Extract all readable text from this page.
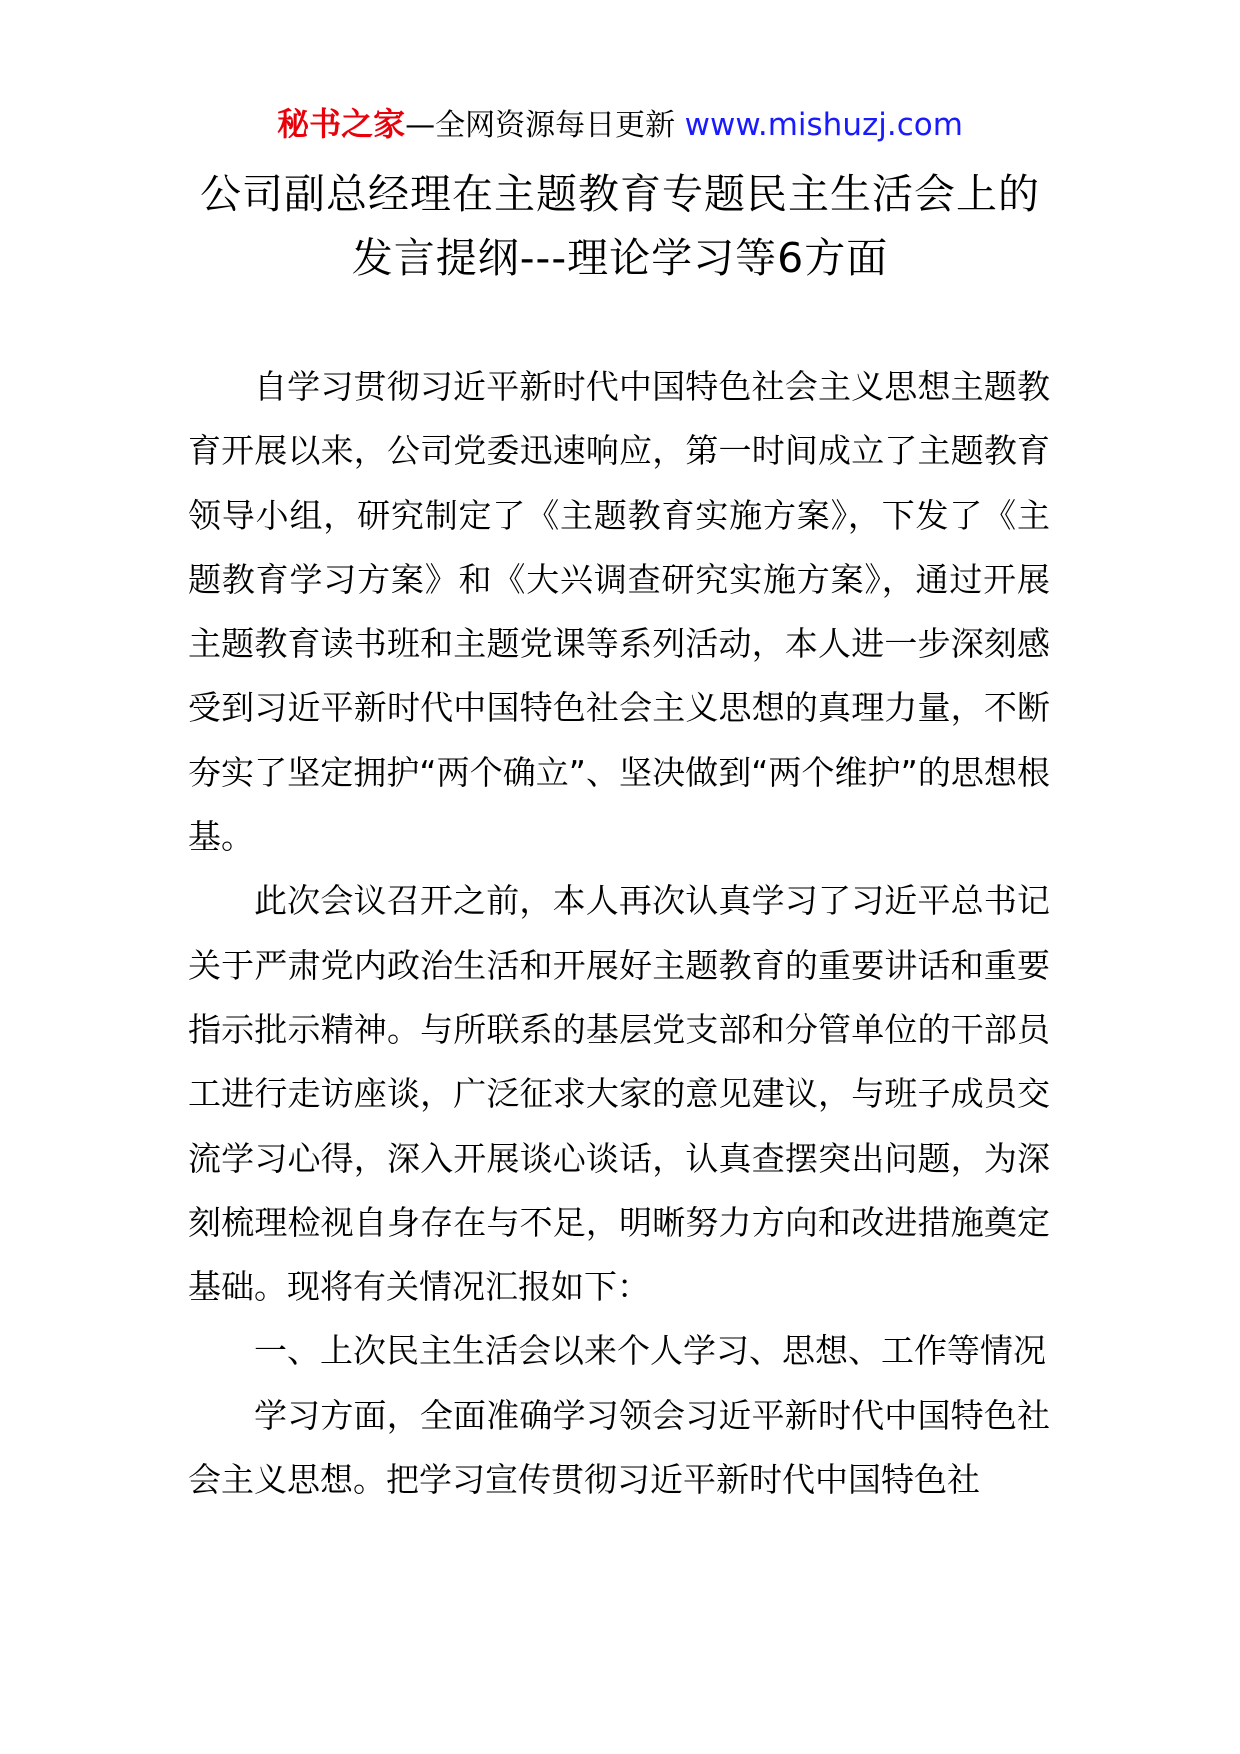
秘书之家—全网资源每日更新 www.mishuzj.com
公司副总经理在主题教育专题民主生活会上的
发言提纲---理论学习等6方面

自学习贯彻习近平新时代中国特色社会主义思想主题教育开展以来，公司党委迅速响应，第一时间成立了主题教育领导小组，研究制定了《主题教育实施方案》，下发了《主题教育学习方案》和《大兴调查研究实施方案》，通过开展主题教育读书班和主题党课等系列活动，本人进一步深刻感受到习近平新时代中国特色社会主义思想的真理力量，不断夯实了坚定拥护“两个确立”、坚决做到“两个维护”的思想根基。

此次会议召开之前，本人再次认真学习了习近平总书记关于严肃党内政治生活和开展好主题教育的重要讲话和重要指示批示精神。与所联系的基层党支部和分管单位的干部员工进行走访座谈，广泛征求大家的意见建议，与班子成员交流学习心得，深入开展谈心谈话，认真查摆突出问题，为深刻梳理检视自身存在与不足，明晰努力方向和改进措施奠定基础。现将有关情况汇报如下：

一、上次民主生活会以来个人学习、思想、工作等情况

学习方面，全面准确学习领会习近平新时代中国特色社会主义思想。把学习宣传贯彻习近平新时代中国特色社
